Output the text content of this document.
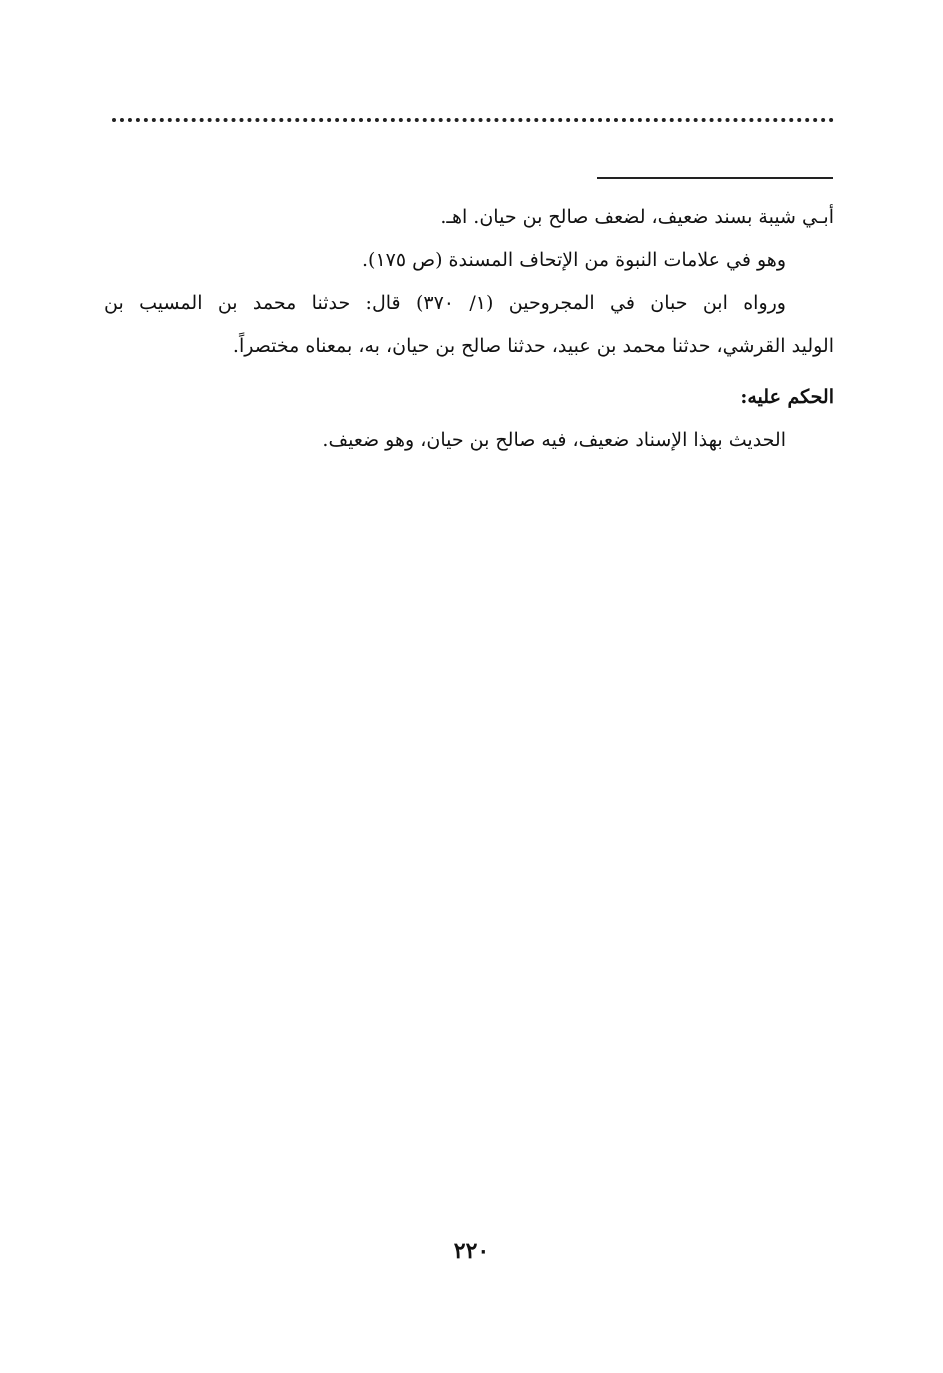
أبـي شيبة بسند ضعيف، لضعف صالح بن حيان. اهـ.

وهو في علامات النبوة من الإتحاف المسندة (ص ١٧٥).

ورواه ابن حبان في المجروحين (١/ ٣٧٠) قال: حدثنا محمد بن المسيب بن

الوليد القرشي، حدثنا محمد بن عبيد، حدثنا صالح بن حيان، به، بمعناه مختصراً.

الحكم عليه:

الحديث بهذا الإسناد ضعيف، فيه صالح بن حيان، وهو ضعيف.

٢٢٠
